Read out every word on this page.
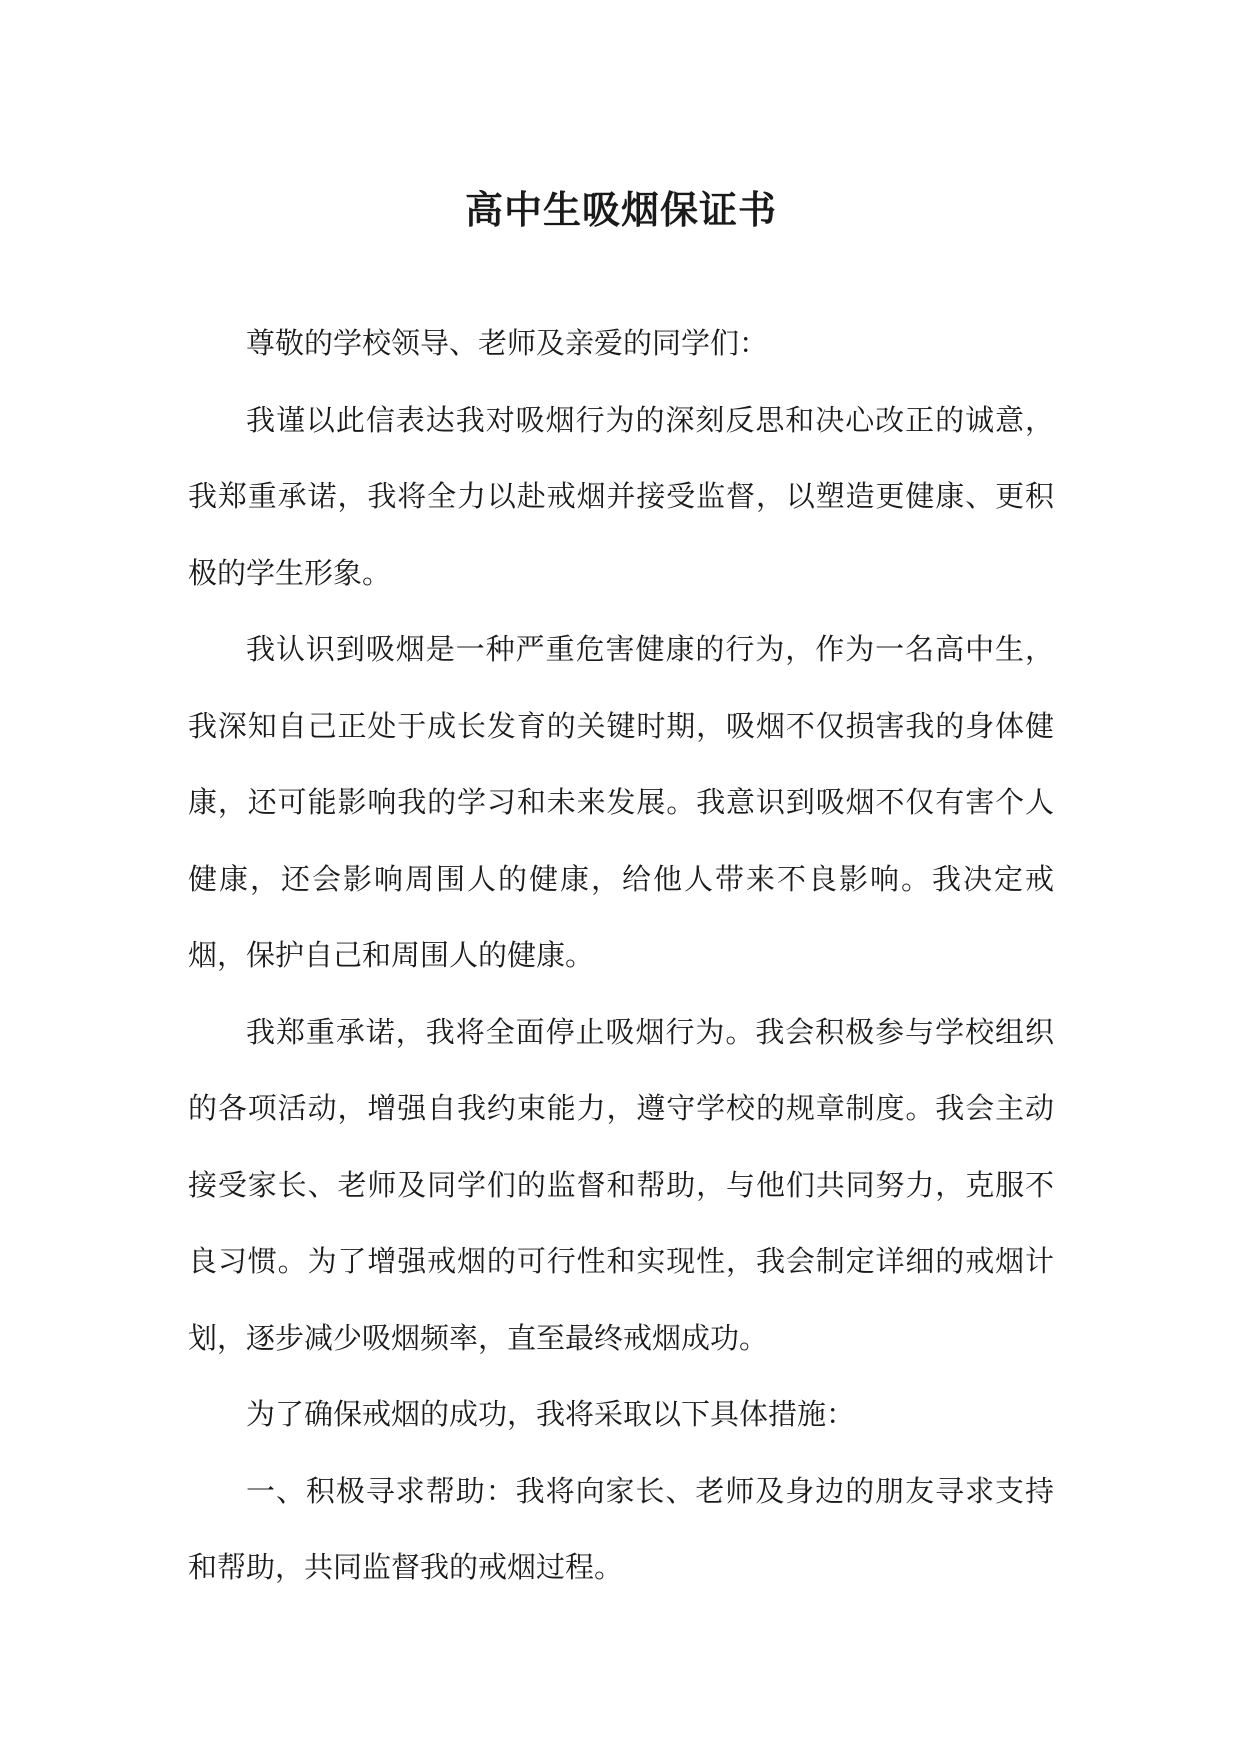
高中生吸烟保证书

尊敬的学校领导、老师及亲爱的同学们：

我谨以此信表达我对吸烟行为的深刻反思和决心改正的诚意，我郑重承诺，我将全力以赴戒烟并接受监督，以塑造更健康、更积极的学生形象。

我认识到吸烟是一种严重危害健康的行为，作为一名高中生，我深知自己正处于成长发育的关键时期，吸烟不仅损害我的身体健康，还可能影响我的学习和未来发展。我意识到吸烟不仅有害个人健康，还会影响周围人的健康，给他人带来不良影响。我决定戒烟，保护自己和周围人的健康。

我郑重承诺，我将全面停止吸烟行为。我会积极参与学校组织的各项活动，增强自我约束能力，遵守学校的规章制度。我会主动接受家长、老师及同学们的监督和帮助，与他们共同努力，克服不良习惯。为了增强戒烟的可行性和实现性，我会制定详细的戒烟计划，逐步减少吸烟频率，直至最终戒烟成功。

为了确保戒烟的成功，我将采取以下具体措施：

一、积极寻求帮助：我将向家长、老师及身边的朋友寻求支持和帮助，共同监督我的戒烟过程。
